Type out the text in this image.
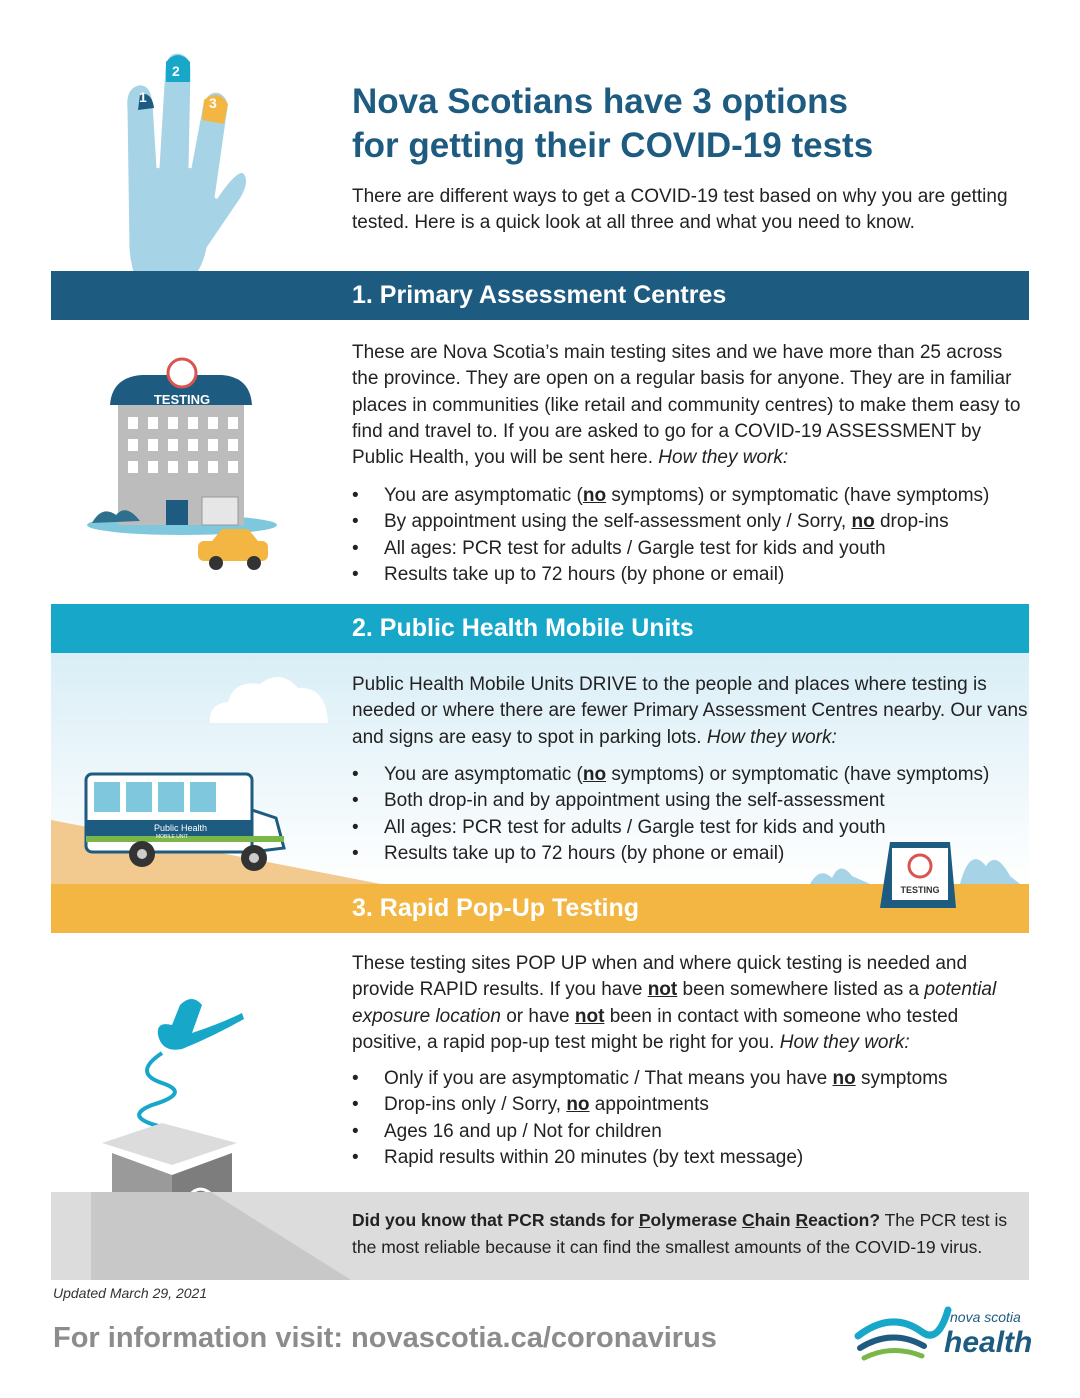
1
2
3	Nova Scotians have 3 options
for getting their COVID-19 tests

There are different ways to get a COVID-19 test based on why you are getting tested. Here is a quick look at all three and what you need to know.

1. Primary Assessment Centres
TESTING

These are Nova Scotia’s main testing sites and we have more than 25 across the province. They are open on a regular basis for anyone. They are in familiar places in communities (like retail and community centres) to make them easy to find and travel to. If you are asked to go for a COVID-19 ASSESSMENT by Public Health, you will be sent here. How they work:

• You are asymptomatic (no symptoms) or symptomatic (have symptoms)
• By appointment using the self-assessment only / Sorry, no drop-ins
• All ages: PCR test for adults / Gargle test for kids and youth
• Results take up to 72 hours (by phone or email)
2. Public Health Mobile Units
Public Health
MOBILE UNIT

Public Health Mobile Units DRIVE to the people and places where testing is needed or where there are fewer Primary Assessment Centres nearby. Our vans and signs are easy to spot in parking lots. How they work:

• You are asymptomatic (no symptoms) or symptomatic (have symptoms)
• Both drop-in and by appointment using the self-assessment
• All ages: PCR test for adults / Gargle test for kids and youth
• Results take up to 72 hours (by phone or email)
3. Rapid Pop-Up Testing
TESTING

These testing sites POP UP when and where quick testing is needed and provide RAPID results. If you have not been somewhere listed as a potential exposure location or have not been in contact with someone who tested positive, a rapid pop-up test might be right for you. How they work:

• Only if you are asymptomatic / That means you have no symptoms
• Drop-ins only / Sorry, no appointments
• Ages 16 and up / Not for children
• Rapid results within 20 minutes (by text message)

Did you know that PCR stands for Polymerase Chain Reaction? The PCR test is the most reliable because it can find the smallest amounts of the COVID-19 virus.

Updated March 29, 2021

For information visit: novascotia.ca/coronavirus

nova scotia
health
